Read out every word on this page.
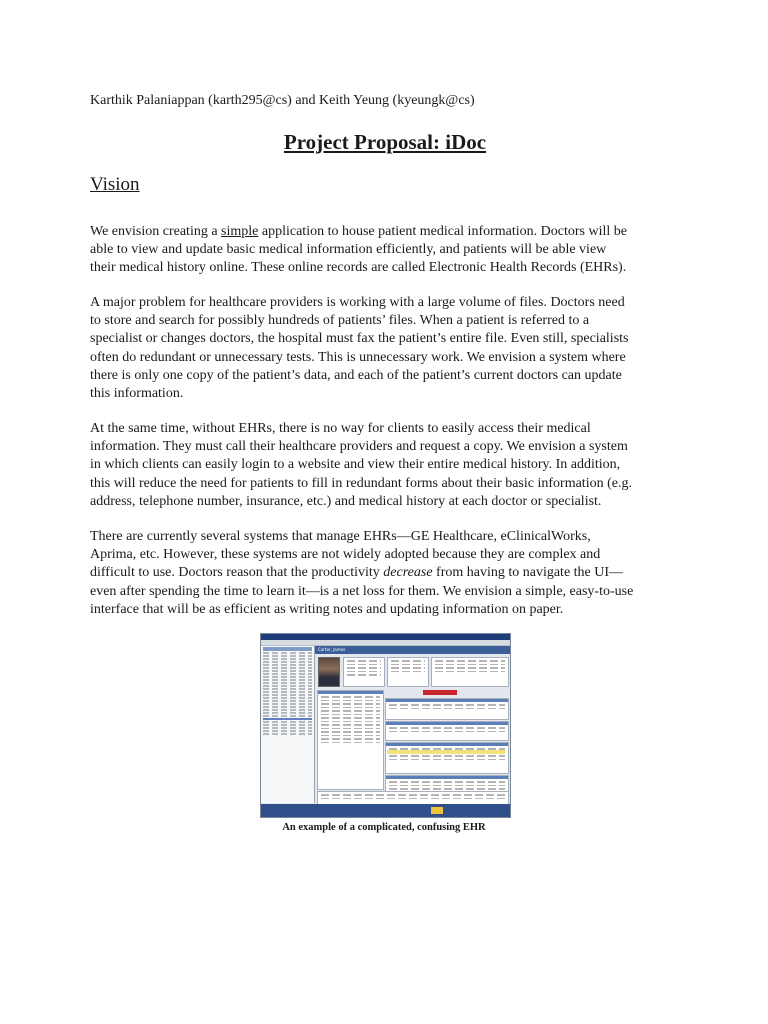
Karthik Palaniappan (karth295@cs) and Keith Yeung (kyeungk@cs)
Project Proposal: iDoc
Vision
We envision creating a simple application to house patient medical information. Doctors will be
able to view and update basic medical information efficiently, and patients will be able view
their medical history online. These online records are called Electronic Health Records (EHRs).
A major problem for healthcare providers is working with a large volume of files. Doctors need
to store and search for possibly hundreds of patients’ files. When a patient is referred to a
specialist or changes doctors, the hospital must fax the patient’s entire file. Even still, specialists
often do redundant or unnecessary tests. This is unnecessary work. We envision a system where
there is only one copy of the patient’s data, and each of the patient’s current doctors can update
this information.
At the same time, without EHRs, there is no way for clients to easily access their medical
information. They must call their healthcare providers and request a copy. We envision a system
in which clients can easily login to a website and view their entire medical history. In addition,
this will reduce the need for patients to fill in redundant forms about their basic information (e.g.
address, telephone number, insurance, etc.) and medical history at each doctor or specialist.
There are currently several systems that manage EHRs—GE Healthcare, eClinicalWorks,
Aprima, etc. However, these systems are not widely adopted because they are complex and
difficult to use. Doctors reason that the productivity decrease from having to navigate the UI—
even after spending the time to learn it—is a net loss for them. We envision a simple, easy-to-use
interface that will be as efficient as writing notes and updating information on paper.
Carter, James
An example of a complicated, confusing EHR
